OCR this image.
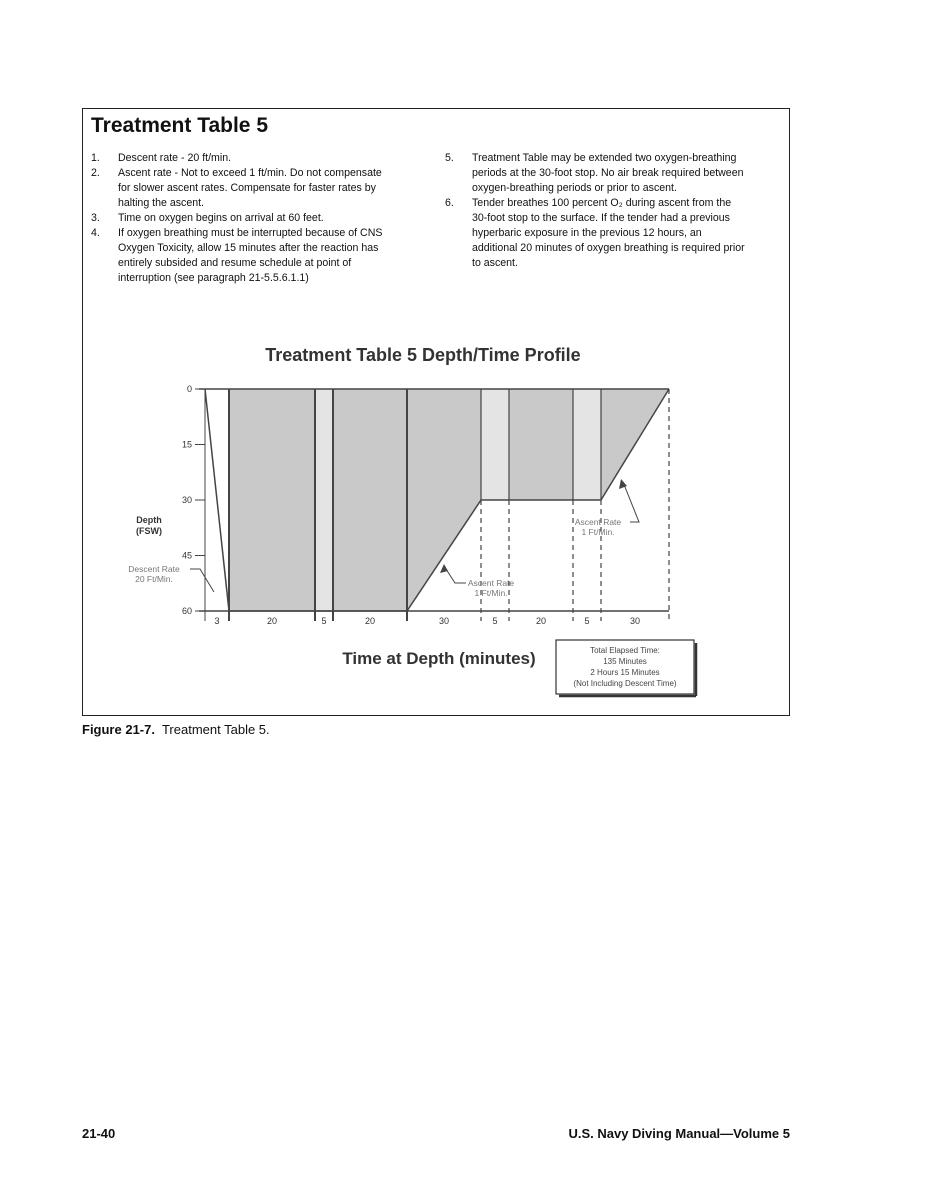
Treatment Table 5
1. Descent rate - 20 ft/min.
2. Ascent rate - Not to exceed 1 ft/min. Do not compensate
for slower ascent rates. Compensate for faster rates by
halting the ascent.
3. Time on oxygen begins on arrival at 60 feet.
4. If oxygen breathing must be interrupted because of CNS
Oxygen Toxicity, allow 15 minutes after the reaction has
entirely subsided and resume schedule at point of
interruption (see paragraph 21-5.5.6.1.1)
5. Treatment Table may be extended two oxygen-breathing
periods at the 30-foot stop. No air break required between
oxygen-breathing periods or prior to ascent.
6. Tender breathes 100 percent O₂ during ascent from the
30-foot stop to the surface. If the tender had a previous
hyperbaric exposure in the previous 12 hours, an
additional 20 minutes of oxygen breathing is required prior
to ascent.
Treatment Table 5 Depth/Time Profile
3	20	5	20	30	5	20	5	30
0
15
30
45
60
Depth
(FSW)
Descent Rate
20 Ft/Min.	Ascent Rate
1 Ft/Min.
Ascent Rate
1 Ft/Min.
Time at Depth (minutes)	Total Elapsed Time:
135 Minutes
2 Hours 15 Minutes
(Not Including Descent Time)
Figure 21-7. Treatment Table 5.
21-40	U.S. Navy Diving Manual—Volume 5
